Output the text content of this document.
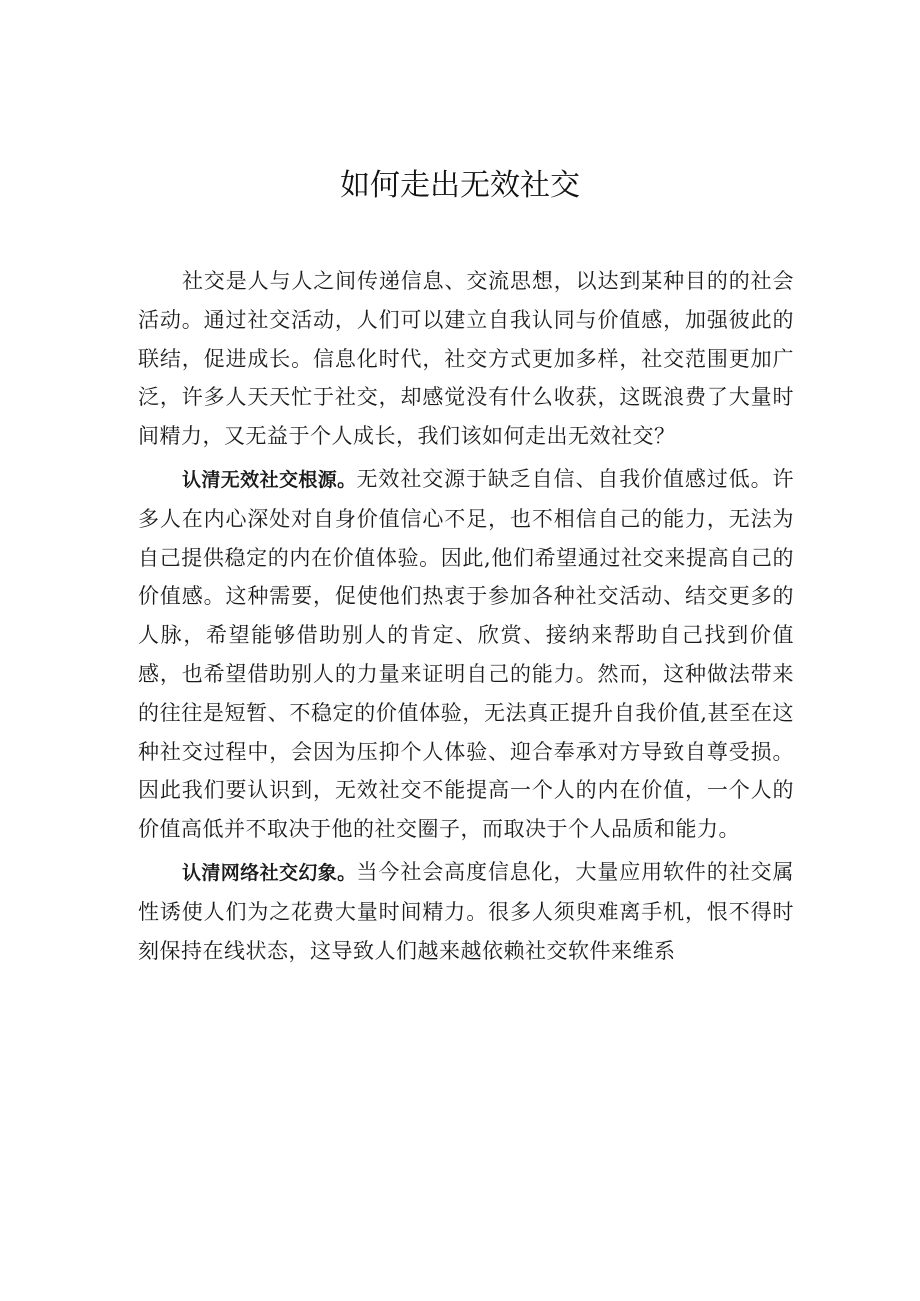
如何走出无效社交

社交是人与人之间传递信息、交流思想，以达到某种目的的社会活动。通过社交活动，人们可以建立自我认同与价值感，加强彼此的联结，促进成长。信息化时代，社交方式更加多样，社交范围更加广泛，许多人天天忙于社交，却感觉没有什么收获，这既浪费了大量时间精力，又无益于个人成长，我们该如何走出无效社交？

认清无效社交根源。无效社交源于缺乏自信、自我价值感过低。许多人在内心深处对自身价值信心不足，也不相信自己的能力，无法为自己提供稳定的内在价值体验。因此,他们希望通过社交来提高自己的价值感。这种需要，促使他们热衷于参加各种社交活动、结交更多的人脉，希望能够借助别人的肯定、欣赏、接纳来帮助自己找到价值感，也希望借助别人的力量来证明自己的能力。然而，这种做法带来的往往是短暂、不稳定的价值体验，无法真正提升自我价值,甚至在这种社交过程中，会因为压抑个人体验、迎合奉承对方导致自尊受损。因此我们要认识到，无效社交不能提高一个人的内在价值，一个人的价值高低并不取决于他的社交圈子，而取决于个人品质和能力。

认清网络社交幻象。当今社会高度信息化，大量应用软件的社交属性诱使人们为之花费大量时间精力。很多人须臾难离手机，恨不得时刻保持在线状态，这导致人们越来越依赖社交软件来维系
